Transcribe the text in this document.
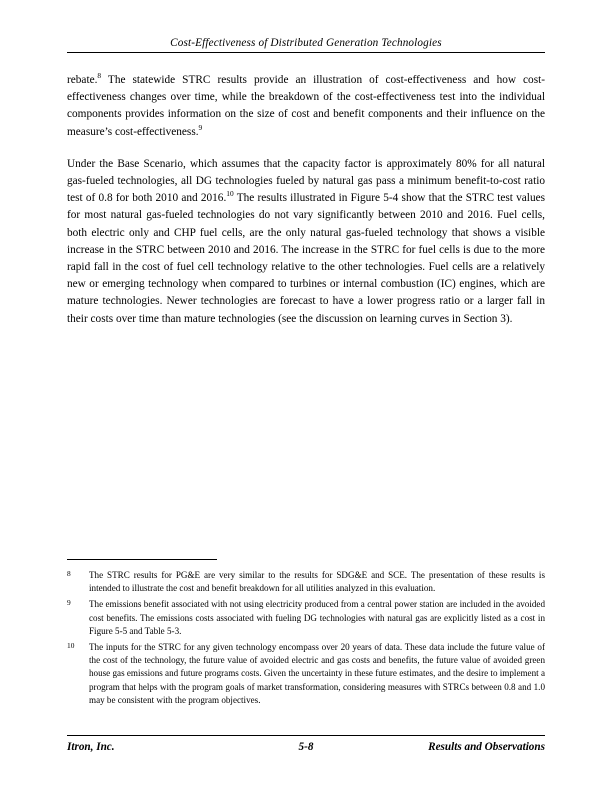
Cost-Effectiveness of Distributed Generation Technologies

rebate.$^8$ The statewide STRC results provide an illustration of cost-effectiveness and how cost-effectiveness changes over time, while the breakdown of the cost-effectiveness test into the individual components provides information on the size of cost and benefit components and their influence on the measure’s cost-effectiveness.$^9$

Under the Base Scenario, which assumes that the capacity factor is approximately 80% for all natural gas-fueled technologies, all DG technologies fueled by natural gas pass a minimum benefit-to-cost ratio test of 0.8 for both 2010 and 2016.10 The results illustrated in Figure 5-4 show that the STRC test values for most natural gas-fueled technologies do not vary significantly between 2010 and 2016. Fuel cells, both electric only and CHP fuel cells, are the only natural gas-fueled technology that shows a visible increase in the STRC between 2010 and 2016. The increase in the STRC for fuel cells is due to the more rapid fall in the cost of fuel cell technology relative to the other technologies. Fuel cells are a relatively new or emerging technology when compared to turbines or internal combustion (IC) engines, which are mature technologies. Newer technologies are forecast to have a lower progress ratio or a larger fall in their costs over time than mature technologies (see the discussion on learning curves in Section 3).

8	The STRC results for PG&E are very similar to the results for SDG&E and SCE. The presentation of these results is intended to illustrate the cost and benefit breakdown for all utilities analyzed in this evaluation.
9	The emissions benefit associated with not using electricity produced from a central power station are included in the avoided cost benefits. The emissions costs associated with fueling DG technologies with natural gas are explicitly listed as a cost in Figure 5-5 and Table 5-3.
10	The inputs for the STRC for any given technology encompass over 20 years of data. These data include the future value of the cost of the technology, the future value of avoided electric and gas costs and benefits, the future value of avoided green house gas emissions and future programs costs. Given the uncertainty in these future estimates, and the desire to implement a program that helps with the program goals of market transformation, considering measures with STRCs between 0.8 and 1.0 may be consistent with the program objectives.
Itron, Inc.	5-8	Results and Observations
